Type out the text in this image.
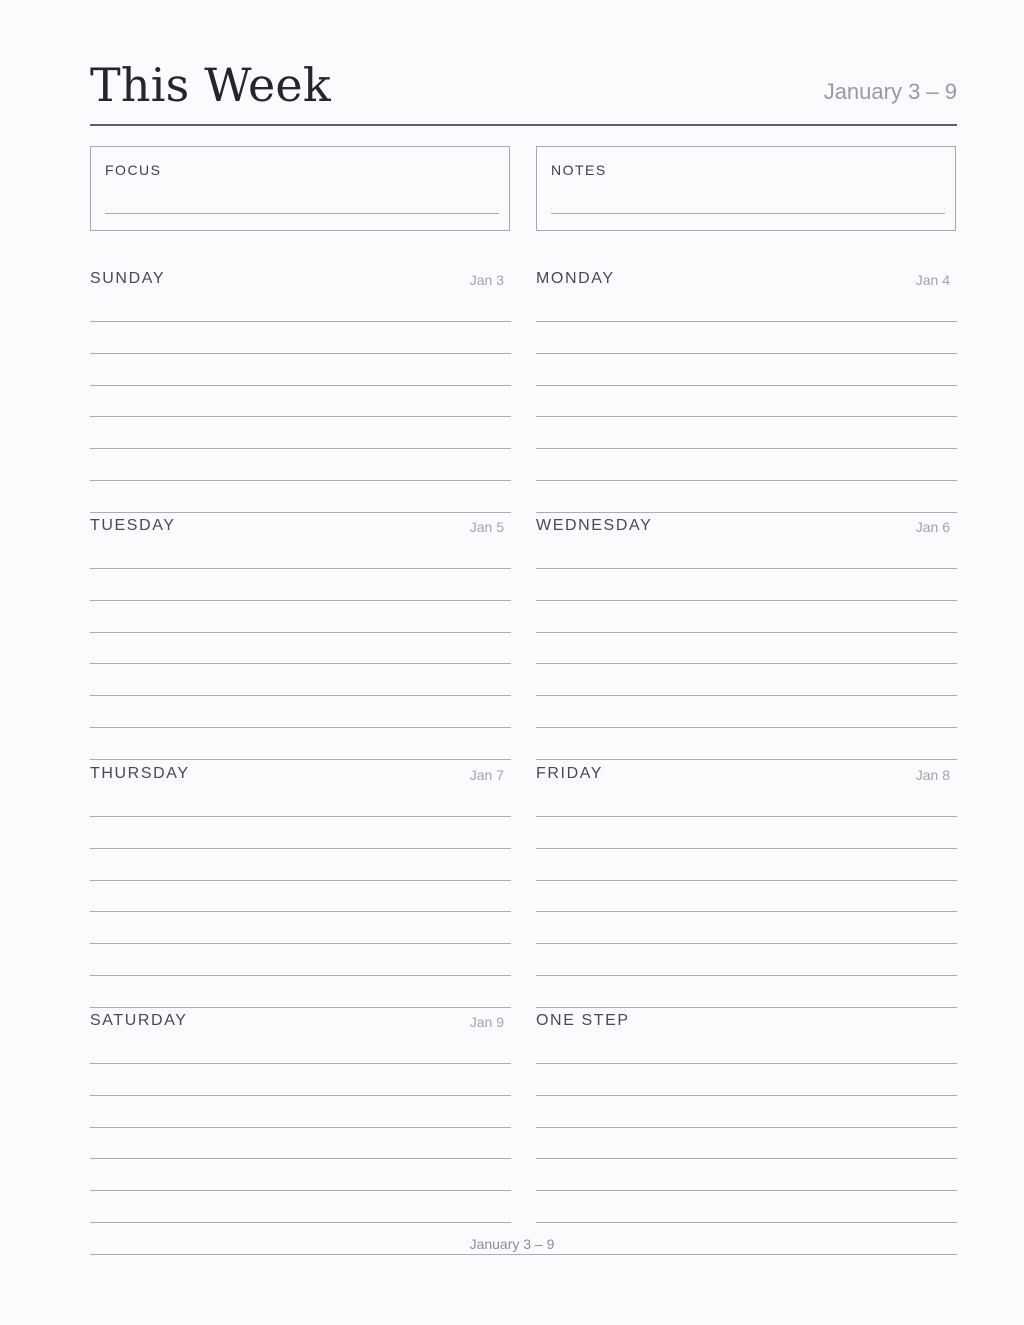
This Week	January 3 – 9
FOCUS	NOTES
SUNDAY	Jan 3 MONDAY	Jan 4
TUESDAY	Jan 5 WEDNESDAY	Jan 6
THURSDAY	Jan 7 FRIDAY	Jan 8
SATURDAY	Jan 9 ONE STEP
January 3 – 9
